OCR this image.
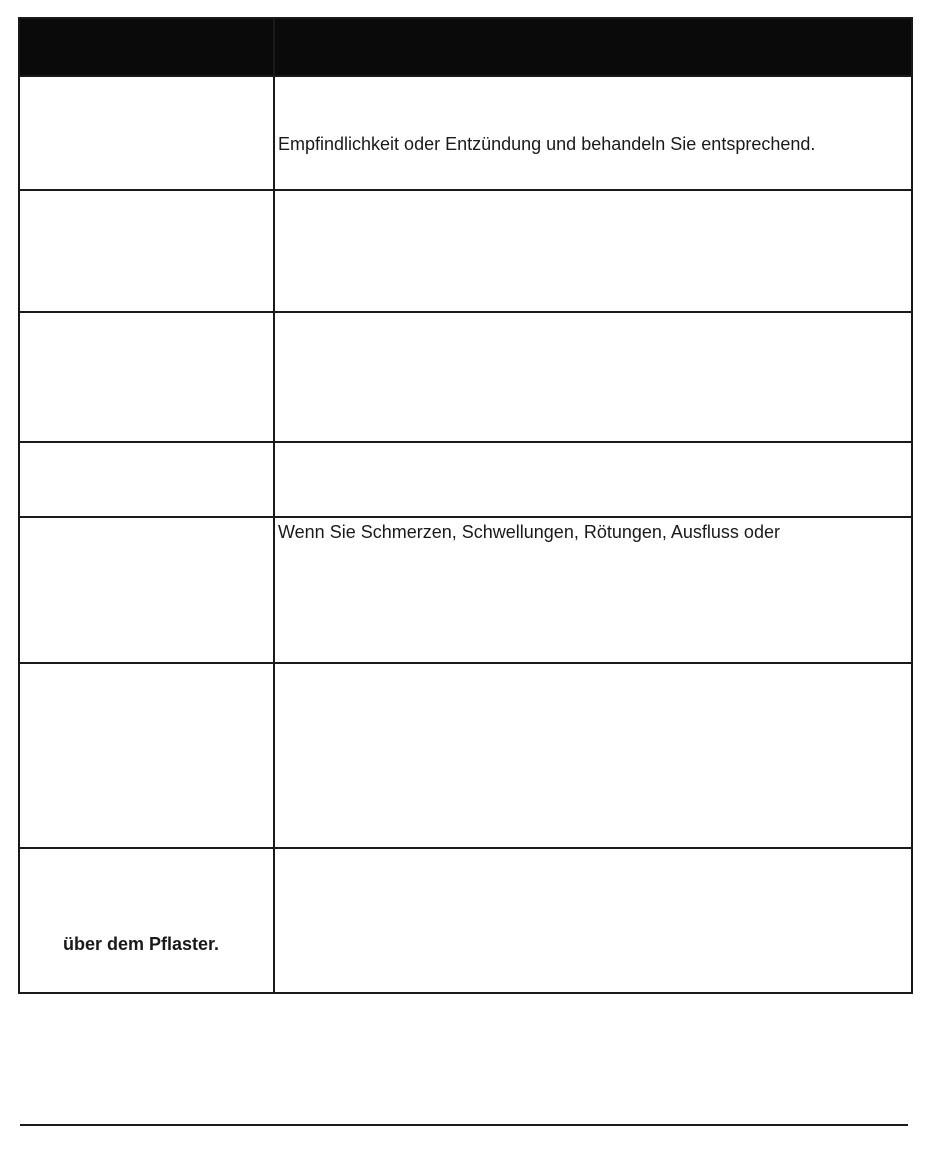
	Empfindlichkeit oder Entzündung und behandeln Sie entsprechend.

	Wenn Sie Schmerzen, Schwellungen, Rötungen, Ausfluss oder

über dem Pflaster.	
